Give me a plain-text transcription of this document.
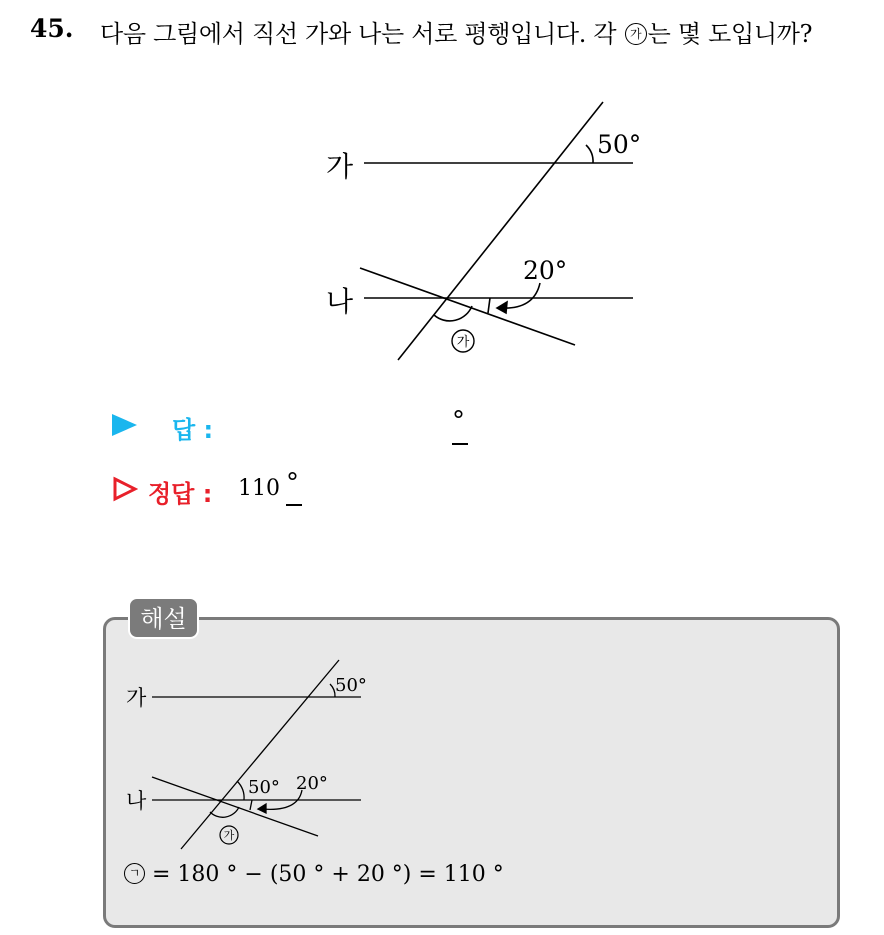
45. 다음 그림에서 직선 가와 나는 서로 평행입니다. 각 가 는 몇 도입니까?
가
나
50°
20°
가
답 :	°
정답 : 110 °
해설
가
나
50°
50° 20°
가
ㄱ = 180 ° − (50 ° + 20 °) = 110 °
